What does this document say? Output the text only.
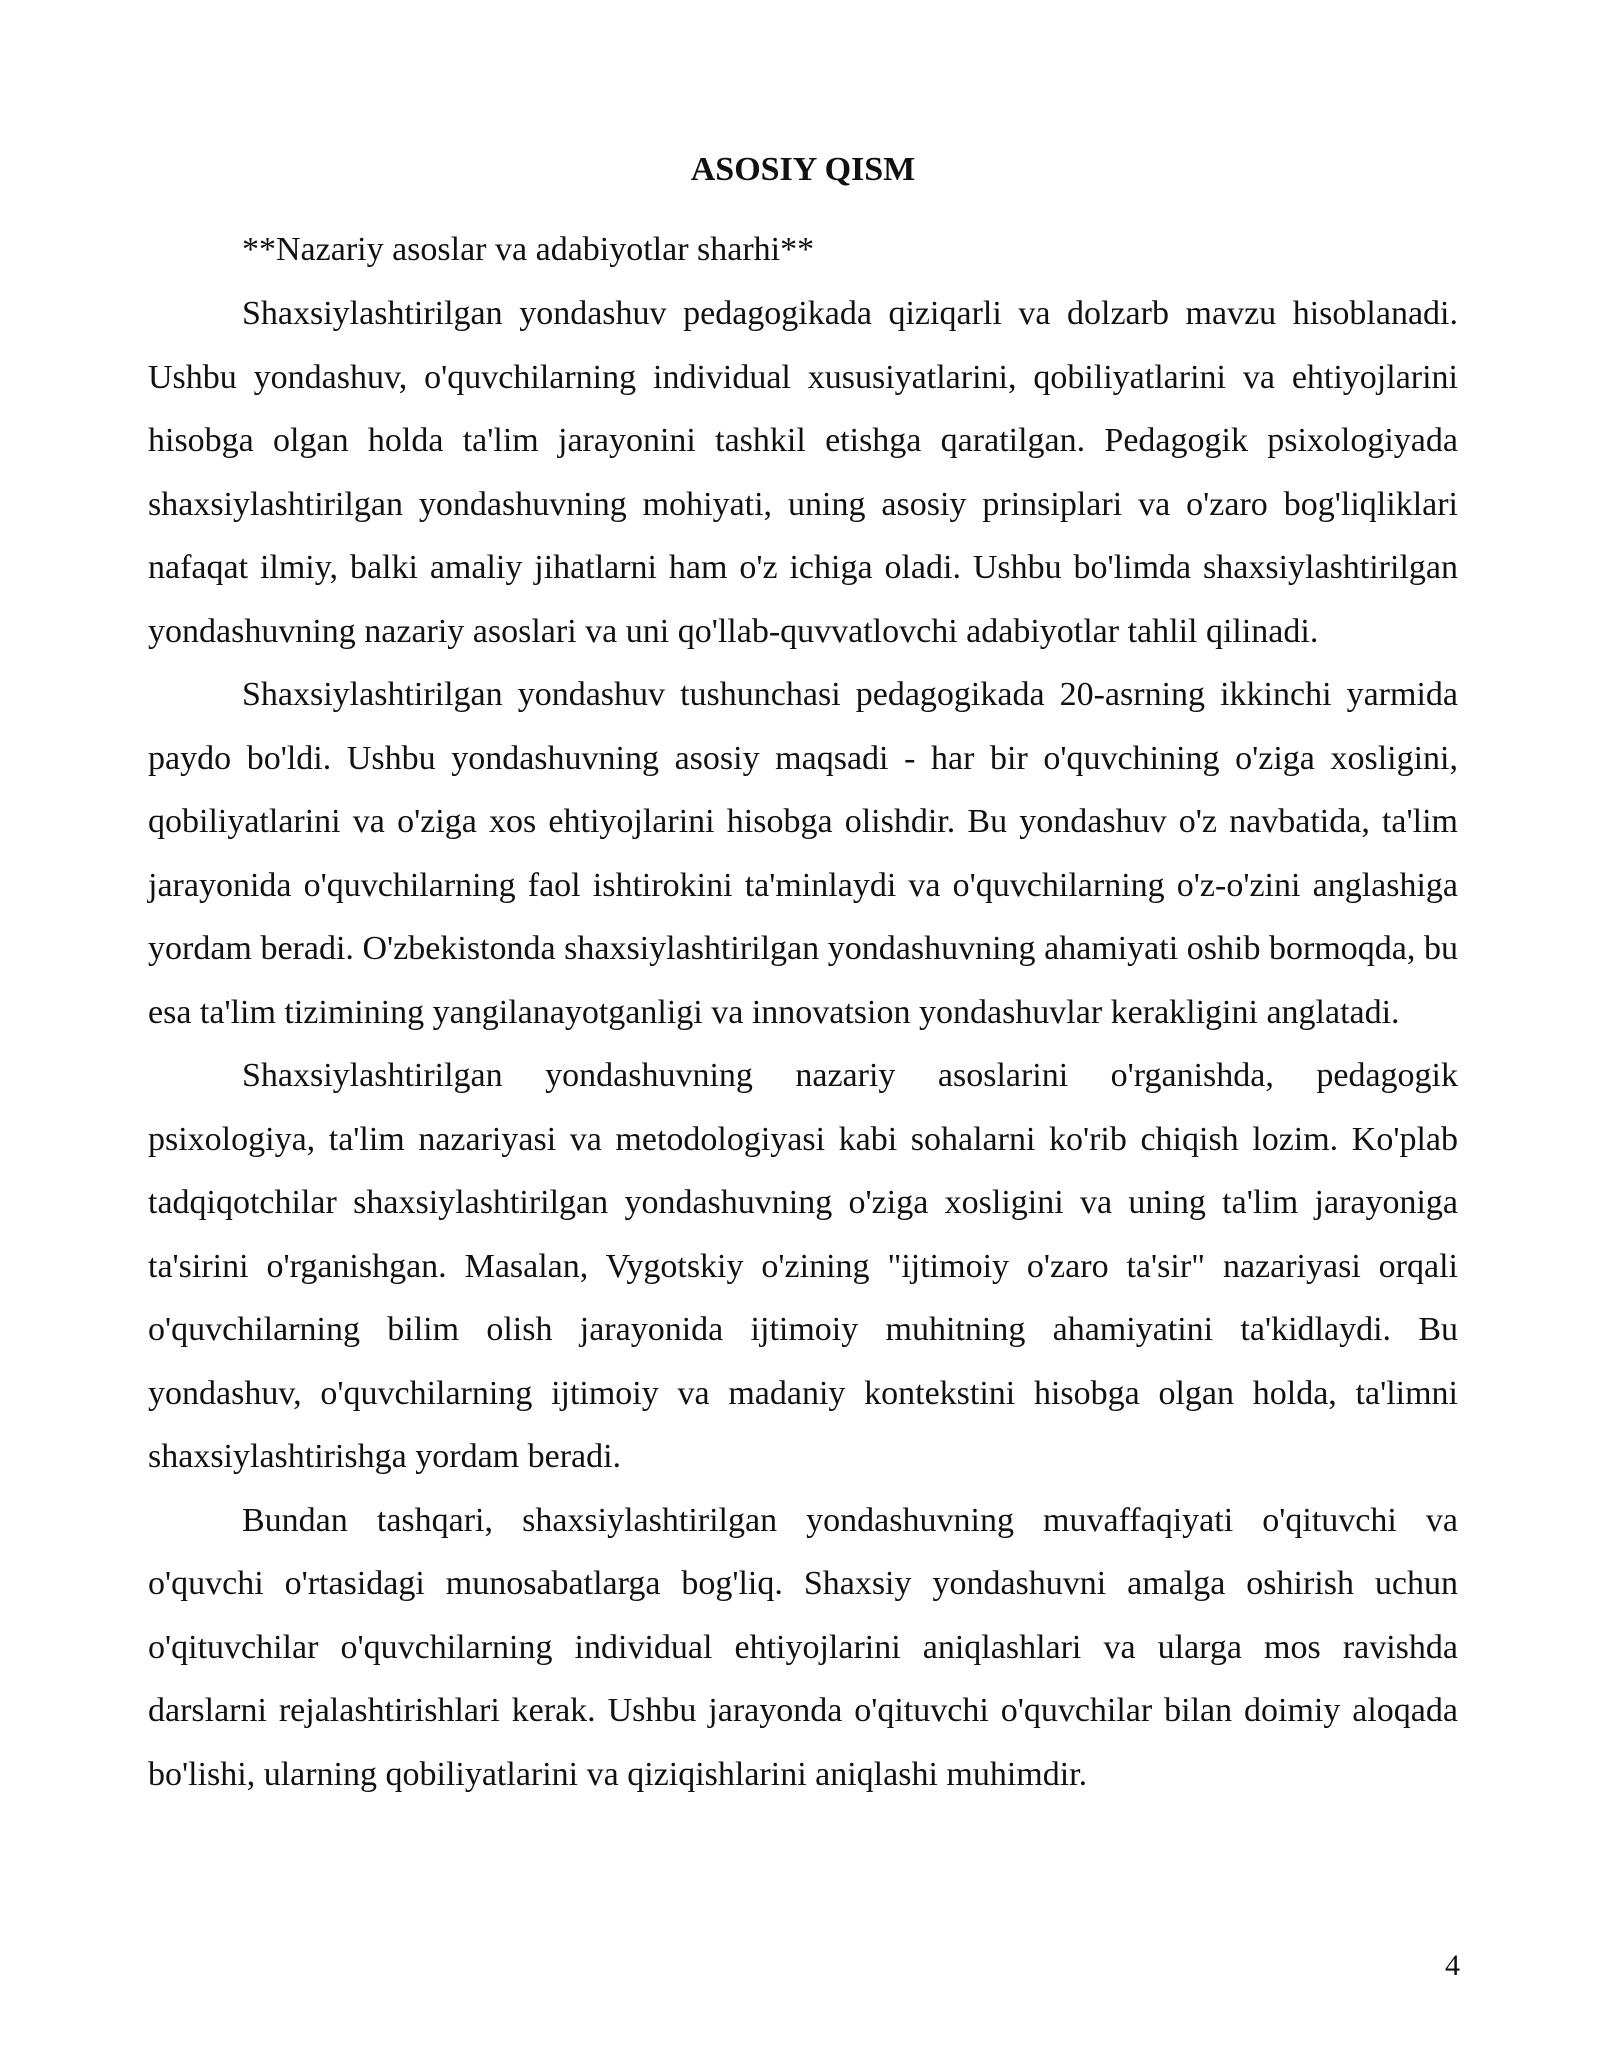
ASOSIY QISM

**Nazariy asoslar va adabiyotlar sharhi**

Shaxsiylashtirilgan yondashuv pedagogikada qiziqarli va dolzarb mavzu hisoblanadi. Ushbu yondashuv, o'quvchilarning individual xususiyatlarini, qobiliyatlarini va ehtiyojlarini hisobga olgan holda ta'lim jarayonini tashkil etishga qaratilgan. Pedagogik psixologiyada shaxsiylashtirilgan yondashuvning mohiyati, uning asosiy prinsiplari va o'zaro bog'liqliklari nafaqat ilmiy, balki amaliy jihatlarni ham o'z ichiga oladi. Ushbu bo'limda shaxsiylashtirilgan yondashuvning nazariy asoslari va uni qo'llab-quvvatlovchi adabiyotlar tahlil qilinadi.

Shaxsiylashtirilgan yondashuv tushunchasi pedagogikada 20-asrning ikkinchi yarmida paydo bo'ldi. Ushbu yondashuvning asosiy maqsadi - har bir o'quvchining o'ziga xosligini, qobiliyatlarini va o'ziga xos ehtiyojlarini hisobga olishdir. Bu yondashuv o'z navbatida, ta'lim jarayonida o'quvchilarning faol ishtirokini ta'minlaydi va o'quvchilarning o'z-o'zini anglashiga yordam beradi. O'zbekistonda shaxsiylashtirilgan yondashuvning ahamiyati oshib bormoqda, bu esa ta'lim tizimining yangilanayotganligi va innovatsion yondashuvlar kerakligini anglatadi.

Shaxsiylashtirilgan yondashuvning nazariy asoslarini o'rganishda, pedagogik psixologiya, ta'lim nazariyasi va metodologiyasi kabi sohalarni ko'rib chiqish lozim. Ko'plab tadqiqotchilar shaxsiylashtirilgan yondashuvning o'ziga xosligini va uning ta'lim jarayoniga ta'sirini o'rganishgan. Masalan, Vygotskiy o'zining "ijtimoiy o'zaro ta'sir" nazariyasi orqali o'quvchilarning bilim olish jarayonida ijtimoiy muhitning ahamiyatini ta'kidlaydi. Bu yondashuv, o'quvchilarning ijtimoiy va madaniy kontekstini hisobga olgan holda, ta'limni shaxsiylashtirishga yordam beradi.

Bundan tashqari, shaxsiylashtirilgan yondashuvning muvaffaqiyati o'qituvchi va o'quvchi o'rtasidagi munosabatlarga bog'liq. Shaxsiy yondashuvni amalga oshirish uchun o'qituvchilar o'quvchilarning individual ehtiyojlarini aniqlashlari va ularga mos ravishda darslarni rejalashtirishlari kerak. Ushbu jarayonda o'qituvchi o'quvchilar bilan doimiy aloqada bo'lishi, ularning qobiliyatlarini va qiziqishlarini aniqlashi muhimdir.

4
